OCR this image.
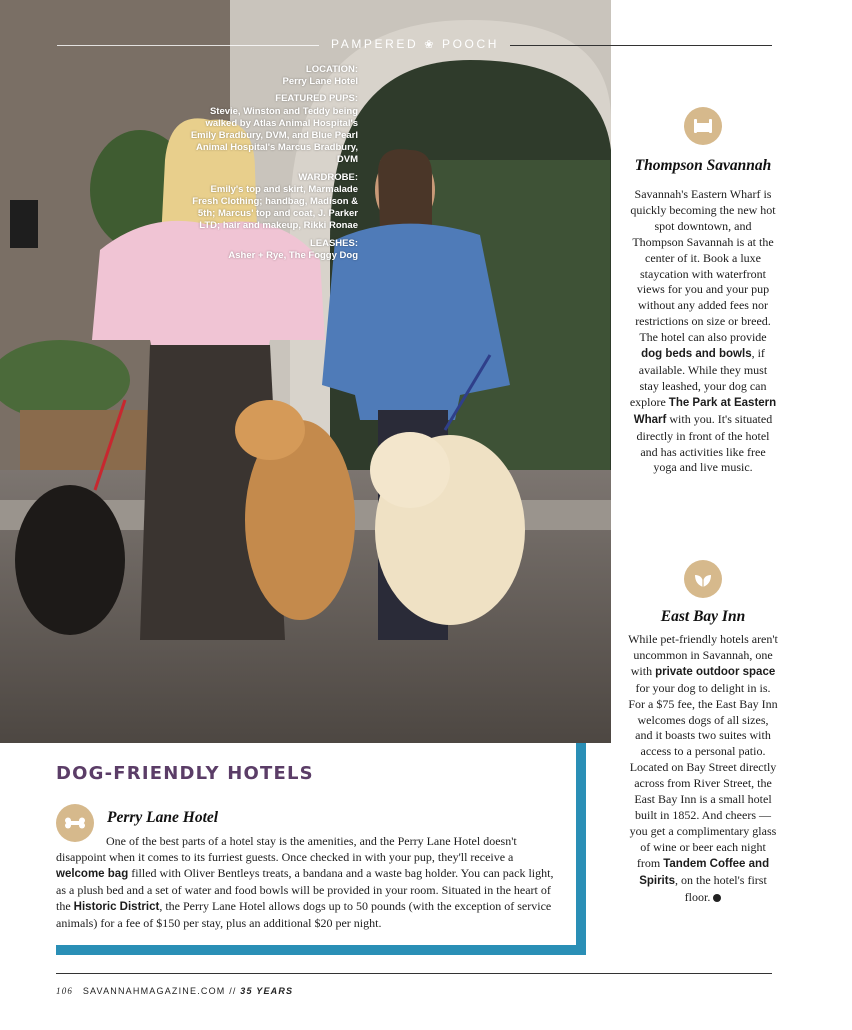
PAMPERED ❀ POOCH
LOCATION:
Perry Lane Hotel
FEATURED PUPS:
Stevie, Winston and Teddy being walked by Atlas Animal Hospital's Emily Bradbury, DVM, and Blue Pearl Animal Hospital's Marcus Bradbury, DVM
WARDROBE:
Emily's top and skirt, Marmalade Fresh Clothing; handbag, Madison & 5th; Marcus' top and coat, J. Parker LTD; hair and makeup, Rikki Ronae
LEASHES:
Asher + Rye, The Foggy Dog
Thompson Savannah

Savannah's Eastern Wharf is quickly becoming the new hot spot downtown, and Thompson Savannah is at the center of it. Book a luxe staycation with waterfront views for you and your pup without any added fees nor restrictions on size or breed. The hotel can also provide dog beds and bowls, if available. While they must stay leashed, your dog can explore The Park at Eastern Wharf with you. It's situated directly in front of the hotel and has activities like free yoga and live music.

East Bay Inn

While pet-friendly hotels aren't uncommon in Savannah, one with private outdoor space for your dog to delight in is. For a $75 fee, the East Bay Inn welcomes dogs of all sizes, and it boasts two suites with access to a personal patio. Located on Bay Street directly across from River Street, the East Bay Inn is a small hotel built in 1852. And cheers — you get a complimentary glass of wine or beer each night from Tandem Coffee and Spirits, on the hotel's first floor.

DOG-FRIENDLY HOTELS
Perry Lane Hotel

One of the best parts of a hotel stay is the amenities, and the Perry Lane Hotel doesn't disappoint when it comes to its furriest guests. Once checked in with your pup, they'll receive a welcome bag filled with Oliver Bentleys treats, a bandana and a waste bag holder. You can pack light, as a plush bed and a set of water and food bowls will be provided in your room. Situated in the heart of the Historic District, the Perry Lane Hotel allows dogs up to 50 pounds (with the exception of service animals) for a fee of $150 per stay, plus an additional $20 per night.

106 SAVANNAHMAGAZINE.COM // 35 YEARS
